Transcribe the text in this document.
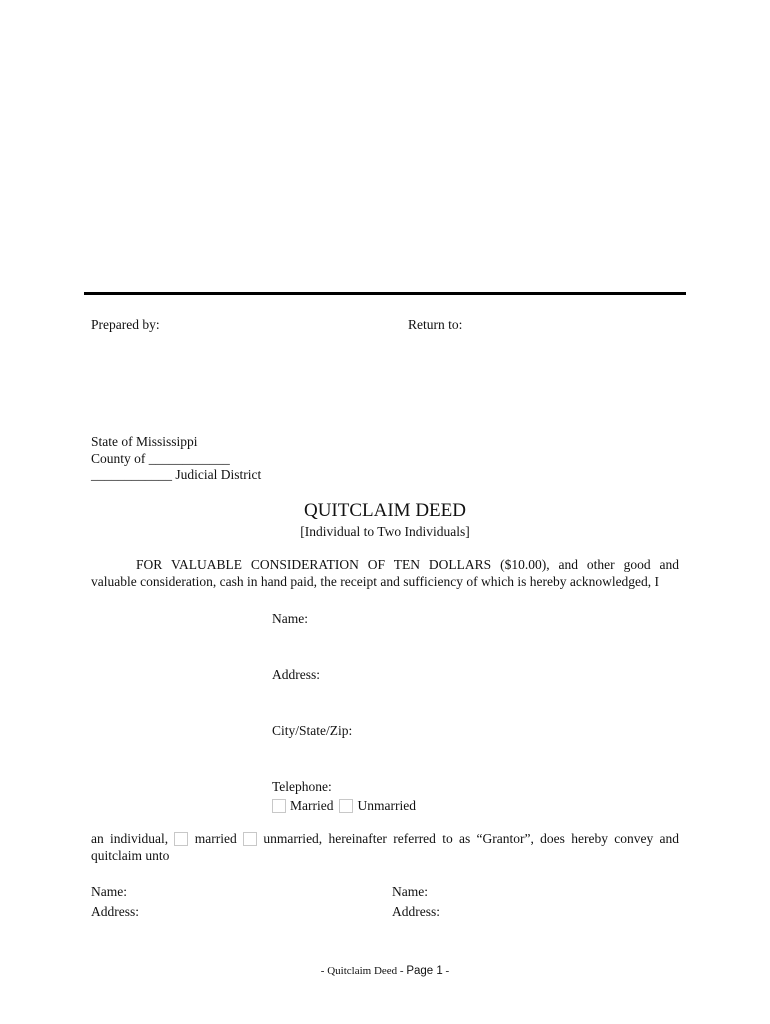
Prepared by:	Return to:
State of Mississippi
County of ____________
____________ Judicial District
QUITCLAIM DEED
[Individual to Two Individuals]
FOR VALUABLE CONSIDERATION OF TEN DOLLARS ($10.00), and other good and
valuable consideration, cash in hand paid, the receipt and sufficiency of which is hereby acknowledged, I
Name:
Address:
City/State/Zip:
Telephone:
Married Unmarried
an individual, married unmarried, hereinafter referred to as “Grantor”, does hereby convey and
quitclaim unto
Name:
Address:
Name:
Address:
- Quitclaim Deed - Page 1 -
